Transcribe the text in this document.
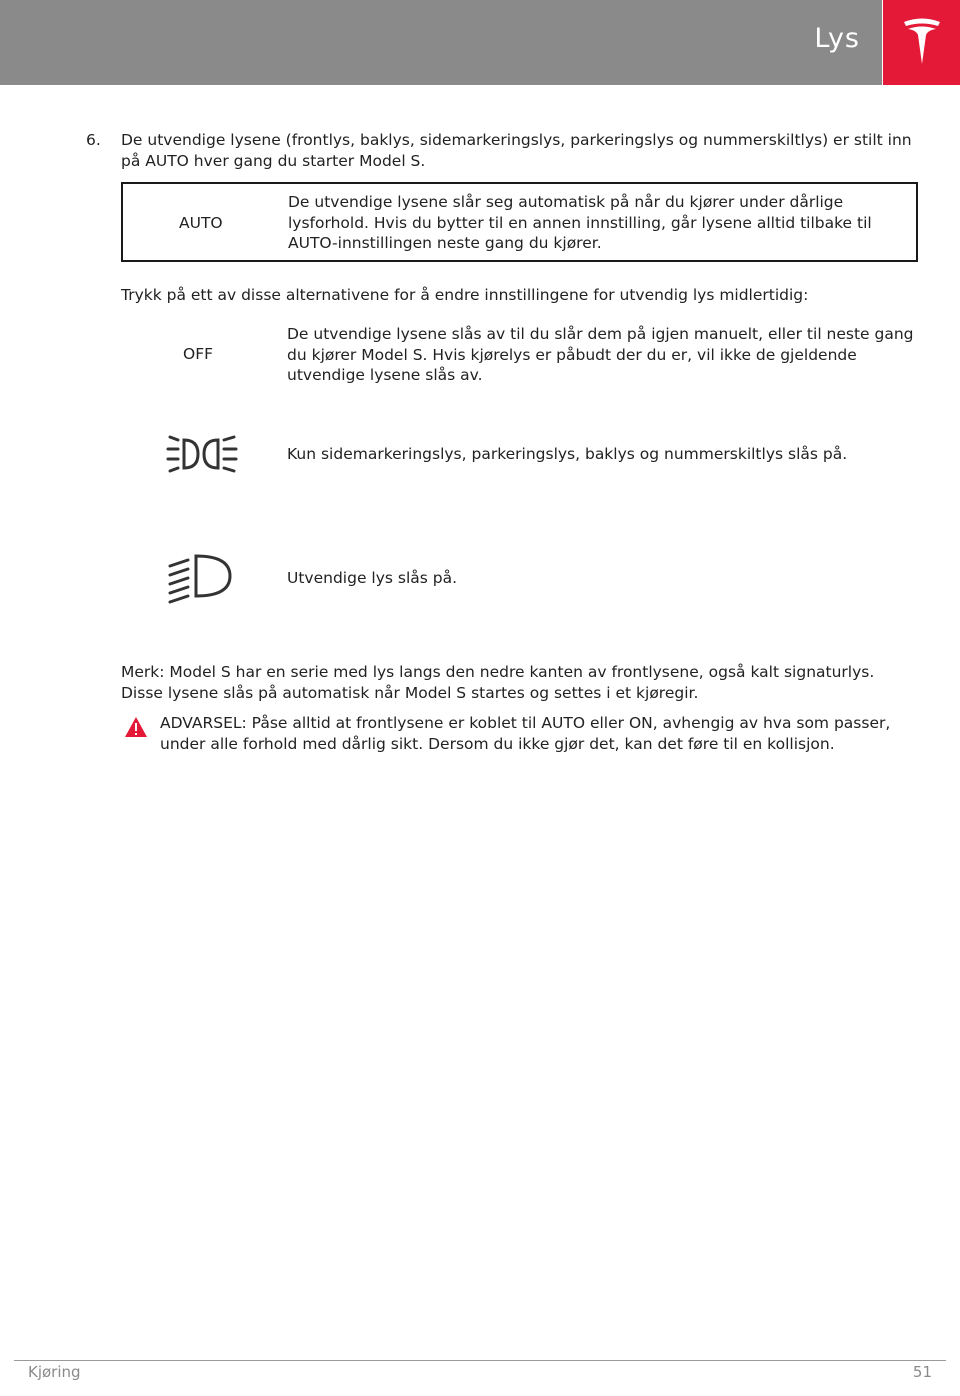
Lys
6. De utvendige lysene (frontlys, baklys, sidemarkeringslys, parkeringslys og nummerskiltlys) er stilt inn på AUTO hver gang du starter Model S.
AUTO
De utvendige lysene slår seg automatisk på når du kjører under dårlige lysforhold. Hvis du bytter til en annen innstilling, går lysene alltid tilbake til AUTO-innstillingen neste gang du kjører.
Trykk på ett av disse alternativene for å endre innstillingene for utvendig lys midlertidig:
OFF
De utvendige lysene slås av til du slår dem på igjen manuelt, eller til neste gang du kjører Model S. Hvis kjørelys er påbudt der du er, vil ikke de gjeldende utvendige lysene slås av.
Kun sidemarkeringslys, parkeringslys, baklys og nummerskiltlys slås på.
Utvendige lys slås på.
Merk: Model S har en serie med lys langs den nedre kanten av frontlysene, også kalt signaturlys. Disse lysene slås på automatisk når Model S startes og settes i et kjøregir.
ADVARSEL: Påse alltid at frontlysene er koblet til AUTO eller ON, avhengig av hva som passer, under alle forhold med dårlig sikt. Dersom du ikke gjør det, kan det føre til en kollisjon.
Kjøring	51
